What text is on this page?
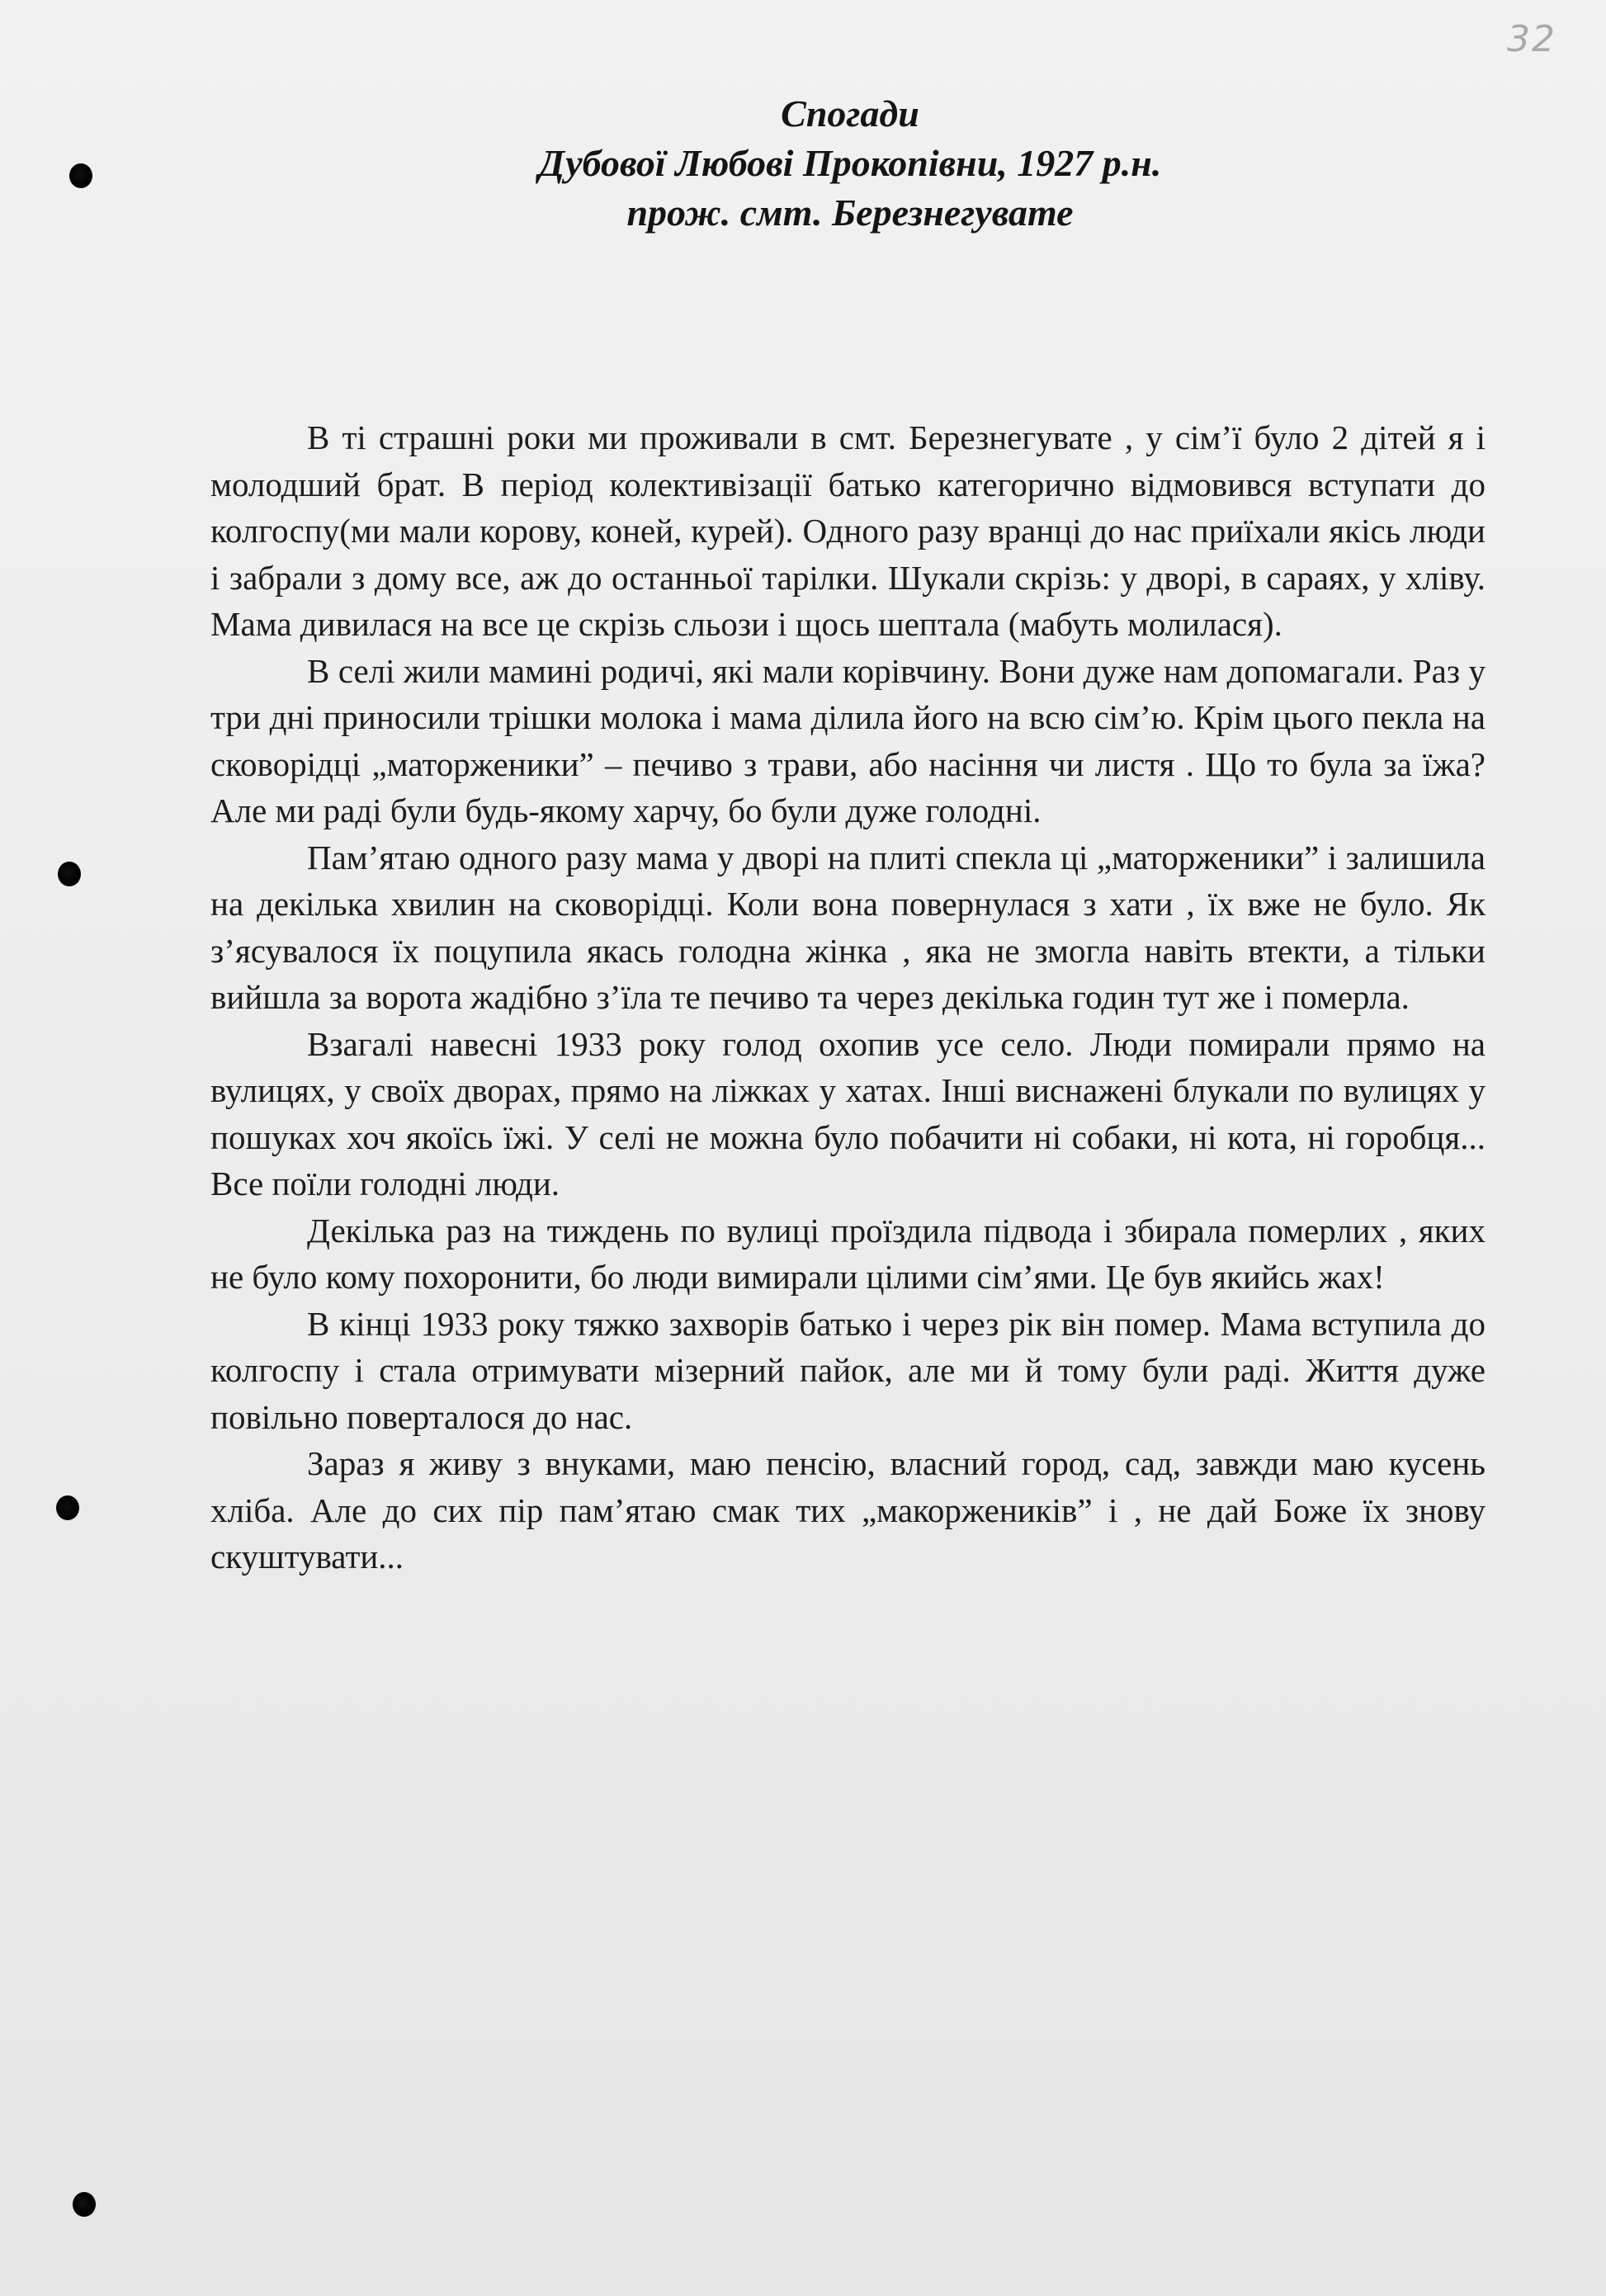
32
Спогади
Дубової Любові Прокопівни, 1927 р.н.
прож. смт. Березнегувате

В ті страшні роки ми проживали в смт. Березнегувате , у сім’ї було 2 дітей я і молодший брат. В період колективізації батько категорично відмовився вступати до колгоспу(ми мали корову, коней, курей). Одного разу вранці до нас приїхали якісь люди і забрали з дому все, аж до останньої тарілки. Шукали скрізь: у дворі, в сараях, у хліву. Мама дивилася на все це скрізь сльози і щось шептала (мабуть молилася).

В селі жили мамині родичі, які мали корівчину. Вони дуже нам допомагали. Раз у три дні приносили трішки молока і мама ділила його на всю сім’ю. Крім цього пекла на сковорідці „маторженики” – печиво з трави, або насіння чи листя . Що то була за їжа? Але ми раді були будь-якому харчу, бо були дуже голодні.

Пам’ятаю одного разу мама у дворі на плиті спекла ці „маторженики” і залишила на декілька хвилин на сковорідці. Коли вона повернулася з хати , їх вже не було. Як з’ясувалося їх поцупила якась голодна жінка , яка не змогла навіть втекти, а тільки вийшла за ворота жадібно з’їла те печиво та через декілька годин тут же і померла.

Взагалі навесні 1933 року голод охопив усе село. Люди помирали прямо на вулицях, у своїх дворах, прямо на ліжках у хатах. Інші виснажені блукали по вулицях у пошуках хоч якоїсь їжі. У селі не можна було побачити ні собаки, ні кота, ні горобця... Все поїли голодні люди.

Декілька раз на тиждень по вулиці проїздила підвода і збирала померлих , яких не було кому похоронити, бо люди вимирали цілими сім’ями. Це був якийсь жах!

В кінці 1933 року тяжко захворів батько і через рік він помер. Мама вступила до колгоспу і стала отримувати мізерний пайок, але ми й тому були раді. Життя дуже повільно поверталося до нас.

Зараз я живу з внуками, маю пенсію, власний город, сад, завжди маю кусень хліба. Але до сих пір пам’ятаю смак тих „макоржеників” і , не дай Боже їх знову скуштувати...
